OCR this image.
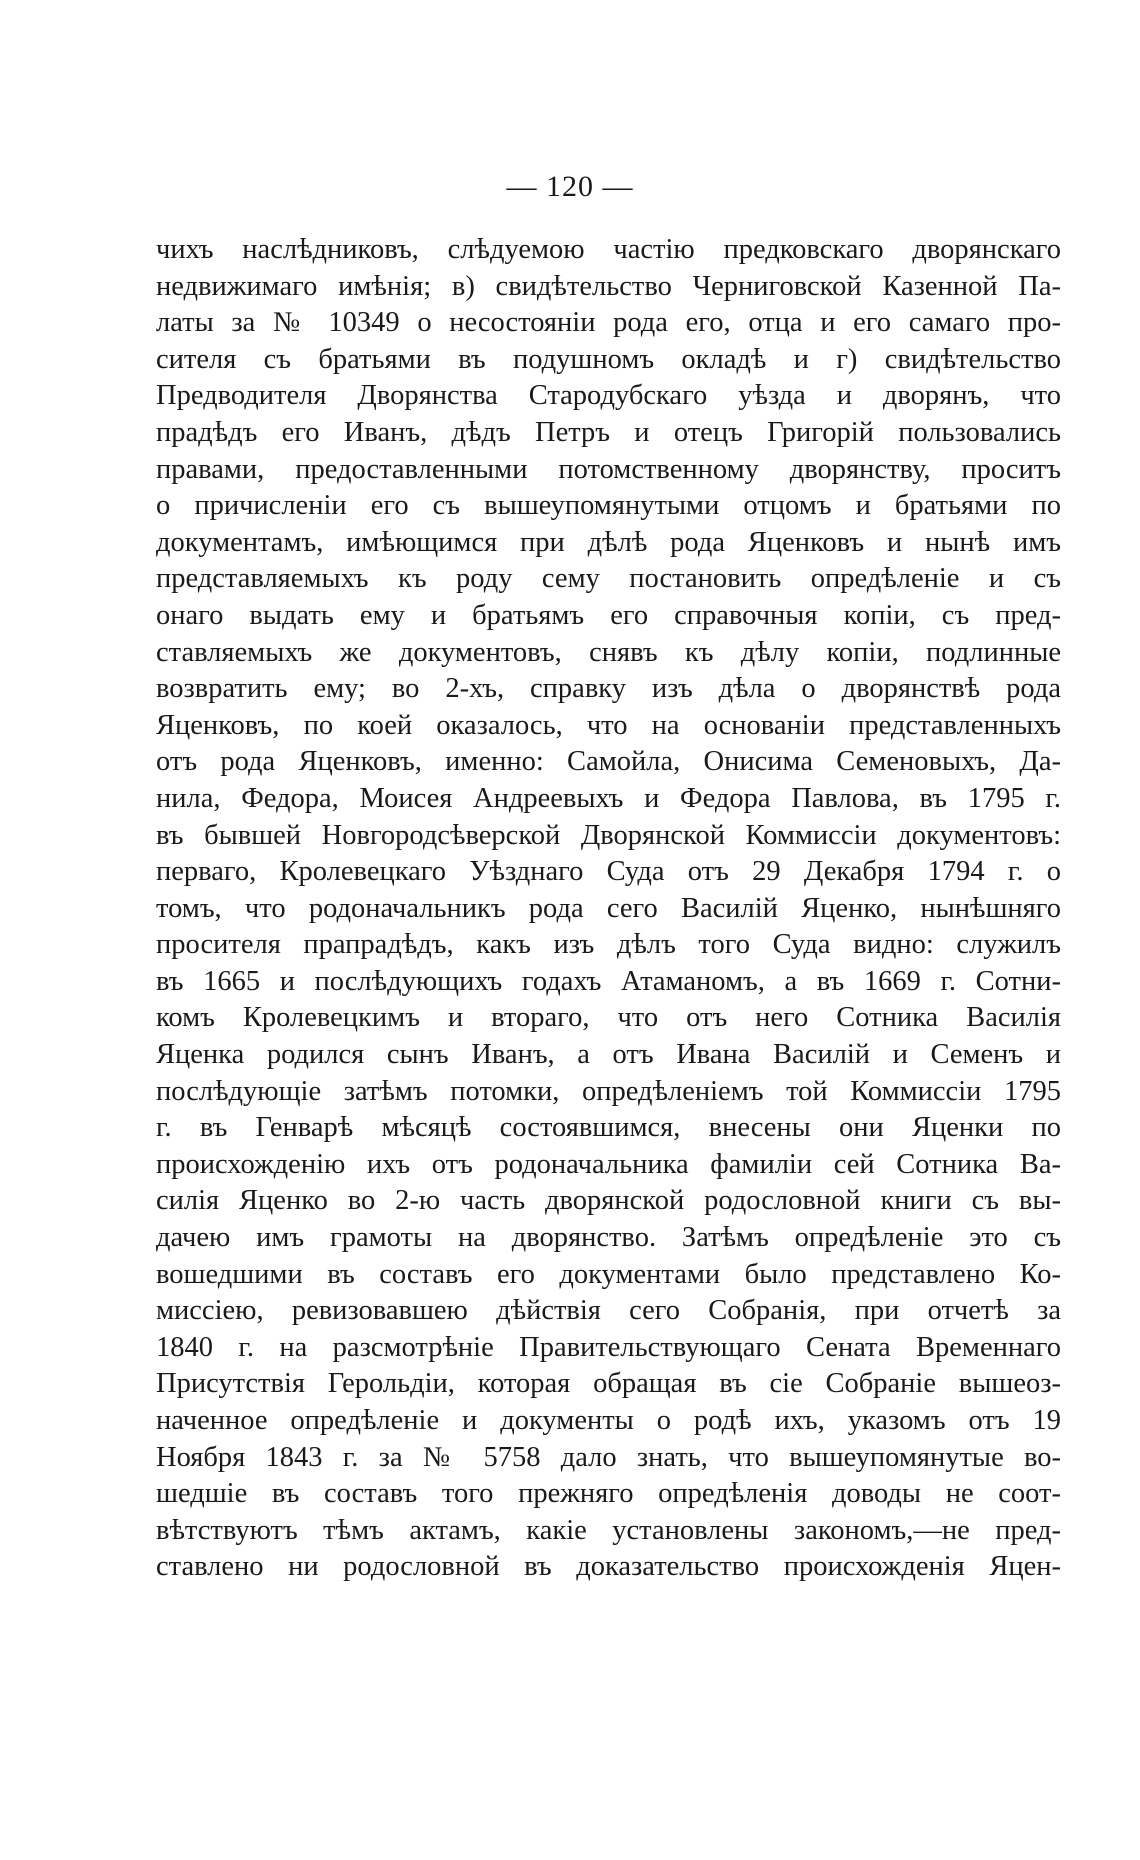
— 120 —
чихъ наслѣдниковъ, слѣдуемою частію предковскаго дворянскаго
недвижимаго имѣнія; в) свидѣтельство Черниговской Казенной Па-
латы за № 10349 о несостояніи рода его, отца и его самаго про-
сителя съ братьями въ подушномъ окладѣ и г) свидѣтельство
Предводителя Дворянства Стародубскаго уѣзда и дворянъ, что
прадѣдъ его Иванъ, дѣдъ Петръ и отецъ Григорій пользовались
правами, предоставленными потомственному дворянству, проситъ
о причисленіи его съ вышеупомянутыми отцомъ и братьями по
документамъ, имѣющимся при дѣлѣ рода Яценковъ и нынѣ имъ
представляемыхъ къ роду сему постановить опредѣленіе и съ
онаго выдать ему и братьямъ его справочныя копіи, съ пред-
ставляемыхъ же документовъ, снявъ къ дѣлу копіи, подлинные
возвратить ему; во 2-хъ, справку изъ дѣла о дворянствѣ рода
Яценковъ, по коей оказалось, что на основаніи представленныхъ
отъ рода Яценковъ, именно: Самойла, Онисима Семеновыхъ, Да-
нила, Федора, Моисея Андреевыхъ и Федора Павлова, въ 1795 г.
въ бывшей Новгородсѣверской Дворянской Коммиссіи документовъ:
перваго, Кролевецкаго Уѣзднаго Суда отъ 29 Декабря 1794 г. о
томъ, что родоначальникъ рода сего Василій Яценко, нынѣшняго
просителя прапрадѣдъ, какъ изъ дѣлъ того Суда видно: служилъ
въ 1665 и послѣдующихъ годахъ Атаманомъ, а въ 1669 г. Сотни-
комъ Кролевецкимъ и втораго, что отъ него Сотника Василія
Яценка родился сынъ Иванъ, а отъ Ивана Василій и Семенъ и
послѣдующіе затѣмъ потомки, опредѣленіемъ той Коммиссіи 1795
г. въ Генварѣ мѣсяцѣ состоявшимся, внесены они Яценки по
происхожденію ихъ отъ родоначальника фамиліи сей Сотника Ва-
силія Яценко во 2-ю часть дворянской родословной книги съ вы-
дачею имъ грамоты на дворянство. Затѣмъ опредѣленіе это съ
вошедшими въ составъ его документами было представлено Ко-
миссіею, ревизовавшею дѣйствія сего Собранія, при отчетѣ за
1840 г. на разсмотрѣніе Правительствующаго Сената Временнаго
Присутствія Герольдіи, которая обращая въ сіе Собраніе вышеоз-
наченное опредѣленіе и документы о родѣ ихъ, указомъ отъ 19
Ноября 1843 г. за № 5758 дало знать, что вышеупомянутые во-
шедшіе въ составъ того прежняго опредѣленія доводы не соот-
вѣтствуютъ тѣмъ актамъ, какіе установлены закономъ,—не пред-
ставлено ни родословной въ доказательство происхожденія Яцен-
